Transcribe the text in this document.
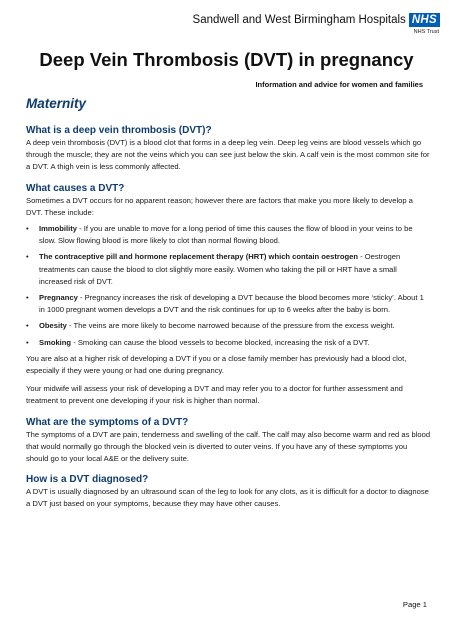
Sandwell and West Birmingham Hospitals NHS
NHS Trust
Deep Vein Thrombosis (DVT) in pregnancy
Information and advice for women and families
Maternity
What is a deep vein thrombosis (DVT)?

A deep vein thrombosis (DVT) is a blood clot that forms in a deep leg vein. Deep leg veins are blood vessels which go through the muscle; they are not the veins which you can see just below the skin. A calf vein is the most common site for a DVT. A thigh vein is less commonly affected.

What causes a DVT?

Sometimes a DVT occurs for no apparent reason; however there are factors that make you more likely to develop a DVT. These include:

• Immobility - If you are unable to move for a long period of time this causes the flow of blood in your veins to be slow. Slow flowing blood is more likely to clot than normal flowing blood.
• The contraceptive pill and hormone replacement therapy (HRT) which contain oestrogen - Oestrogen treatments can cause the blood to clot slightly more easily. Women who taking the pill or HRT have a small increased risk of DVT.
• Pregnancy - Pregnancy increases the risk of developing a DVT because the blood becomes more ‘sticky’. About 1 in 1000 pregnant women develops a DVT and the risk continues for up to 6 weeks after the baby is born.
• Obesity - The veins are more likely to become narrowed because of the pressure from the excess weight.
• Smoking - Smoking can cause the blood vessels to become blocked, increasing the risk of a DVT.

You are also at a higher risk of developing a DVT if you or a close family member has previously had a blood clot, especially if they were young or had one during pregnancy.

Your midwife will assess your risk of developing a DVT and may refer you to a doctor for further assessment and treatment to prevent one developing if your risk is higher than normal.

What are the symptoms of a DVT?

The symptoms of a DVT are pain, tenderness and swelling of the calf. The calf may also become warm and red as blood that would normally go through the blocked vein is diverted to outer veins. If you have any of these symptoms you should go to your local A&E or the delivery suite.

How is a DVT diagnosed?

A DVT is usually diagnosed by an ultrasound scan of the leg to look for any clots, as it is difficult for a doctor to diagnose a DVT just based on your symptoms, because they may have other causes.

Page 1
